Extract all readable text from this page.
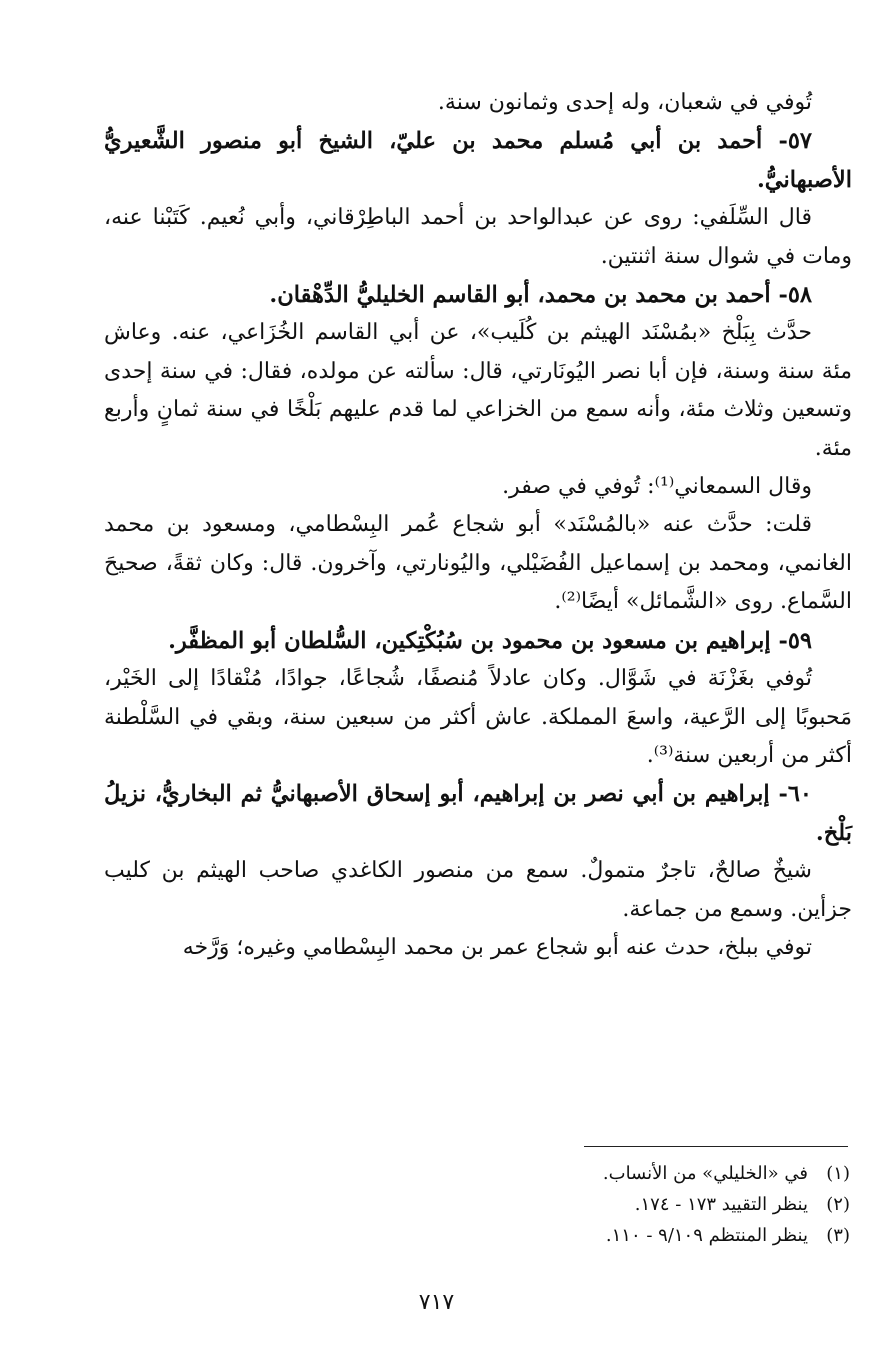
تُوفي في شعبان، وله إحدى وثمانون سنة.

٥٧- أحمد بن أبي مُسلم محمد بن عليّ، الشيخ أبو منصور الشَّعيريُّ الأصبهانيُّ.

قال السِّلَفي: روى عن عبدالواحد بن أحمد الباطِرْقاني، وأبي نُعيم. كَتَبْنا عنه، ومات في شوال سنة اثنتين.

٥٨- أحمد بن محمد بن محمد، أبو القاسم الخليليُّ الدِّهْقان.

حدَّث بِبَلْخ «بمُسْنَد الهيثم بن كُلَيب»، عن أبي القاسم الخُزَاعي، عنه. وعاش مئة سنة وسنة، فإن أبا نصر اليُونَارتي، قال: سألته عن مولده، فقال: في سنة إحدى وتسعين وثلاث مئة، وأنه سمع من الخزاعي لما قدم عليهم بَلْخًا في سنة ثمانٍ وأربع مئة.

وقال السمعاني⁽¹⁾: تُوفي في صفر.

قلت: حدَّث عنه «بالمُسْنَد» أبو شجاع عُمر البِسْطامي، ومسعود بن محمد الغانمي، ومحمد بن إسماعيل الفُضَيْلي، واليُونارتي، وآخرون. قال: وكان ثقةً، صحيحَ السَّماع. روى «الشَّمائل» أيضًا⁽²⁾.

٥٩- إبراهيم بن مسعود بن محمود بن سُبُكْتِكين، السُّلطان أبو المظفَّر.

تُوفي بغَزْنَة في شَوَّال. وكان عادلاً مُنصفًا، شُجاعًا، جوادًا، مُنْقادًا إلى الخَيْر، مَحبوبًا إلى الرَّعية، واسعَ المملكة. عاش أكثر من سبعين سنة، وبقي في السَّلْطنة أكثر من أربعين سنة⁽³⁾.

٦٠- إبراهيم بن أبي نصر بن إبراهيم، أبو إسحاق الأصبهانيُّ ثم البخاريُّ، نزيلُ بَلْخ.

شيخٌ صالحٌ، تاجرٌ متمولٌ. سمع من منصور الكاغدي صاحب الهيثم بن كليب جزأين. وسمع من جماعة.

توفي ببلخ، حدث عنه أبو شجاع عمر بن محمد البِسْطامي وغيره؛ وَرَّخه

(١)في «الخليلي» من الأنساب.

(٢)ينظر التقييد ١٧٣ - ١٧٤.

(٣)ينظر المنتظم ٩/١٠٩ - ١١٠.

٧١٧
